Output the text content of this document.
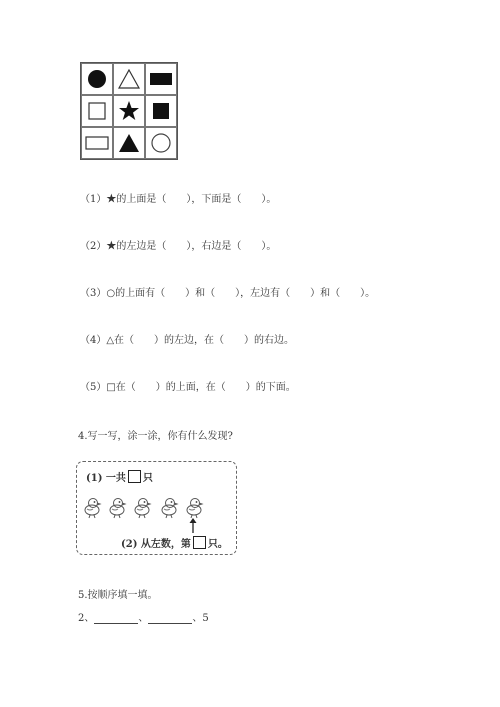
（1）★的上面是（　　），下面是（　　）。
（2）★的左边是（　　），右边是（　　）。
（3）○的上面有（　　）和（　　），左边有（　　）和（　　）。
（4）△在（　　）的左边，在（　　）的右边。
（5）□在（　　）的上面，在（　　）的下面。
4.写一写，涂一涂，你有什么发现?
(1) 一共 只
(2) 从左数，第 只。
5.按顺序填一填。
2、	、	、5
